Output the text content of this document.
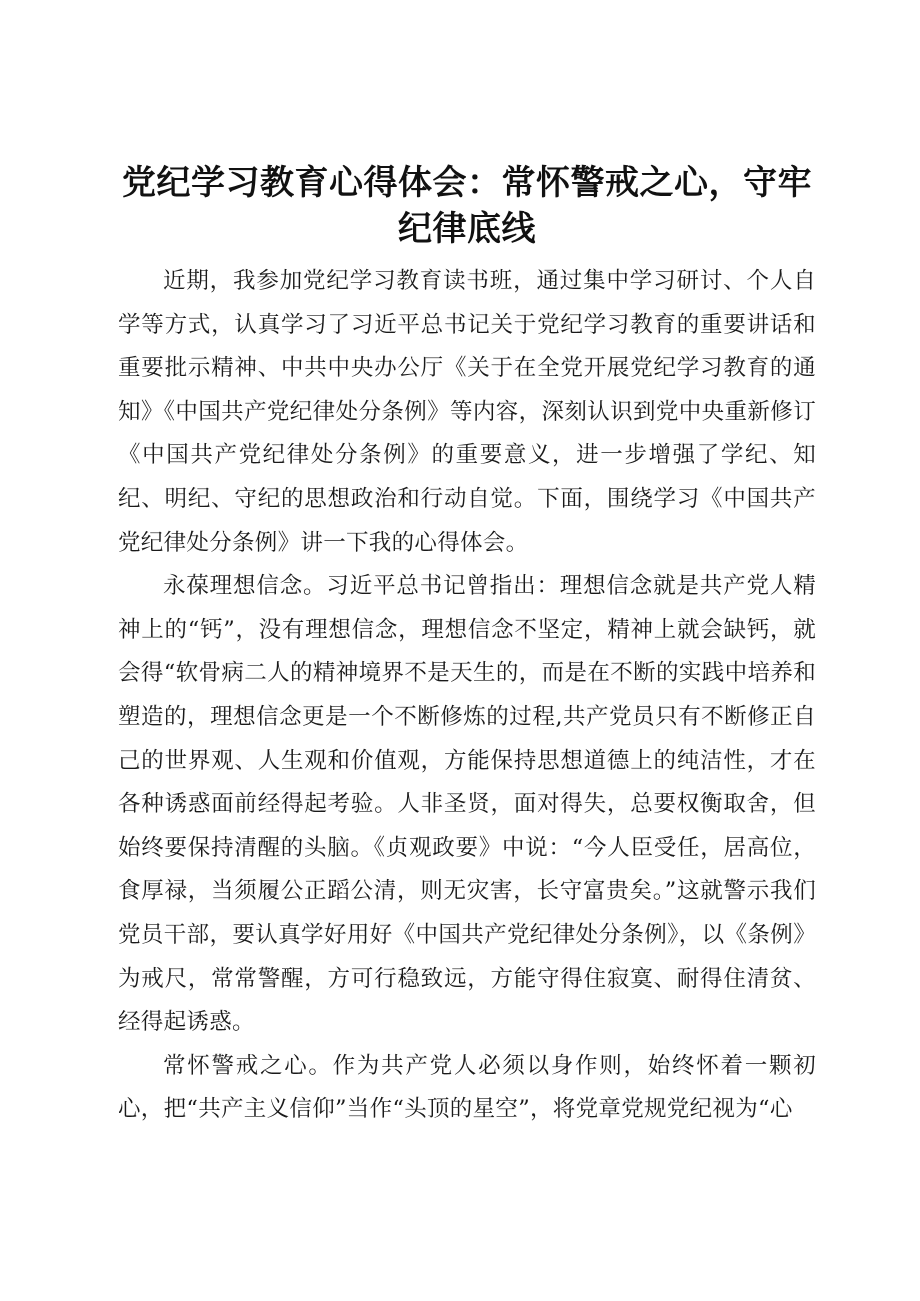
党纪学习教育心得体会：常怀警戒之心，守牢纪律底线

近期，我参加党纪学习教育读书班，通过集中学习研讨、个人自学等方式，认真学习了习近平总书记关于党纪学习教育的重要讲话和重要批示精神、中共中央办公厅《关于在全党开展党纪学习教育的通知》《中国共产党纪律处分条例》等内容，深刻认识到党中央重新修订《中国共产党纪律处分条例》的重要意义，进一步增强了学纪、知纪、明纪、守纪的思想政治和行动自觉。下面，围绕学习《中国共产党纪律处分条例》讲一下我的心得体会。

永葆理想信念。习近平总书记曾指出：理想信念就是共产党人精神上的“钙”，没有理想信念，理想信念不坚定，精神上就会缺钙，就会得“软骨病二人的精神境界不是天生的，而是在不断的实践中培养和塑造的，理想信念更是一个不断修炼的过程,共产党员只有不断修正自己的世界观、人生观和价值观，方能保持思想道德上的纯洁性，才在各种诱惑面前经得起考验。人非圣贤，面对得失，总要权衡取舍，但始终要保持清醒的头脑。《贞观政要》中说：“今人臣受任，居高位，食厚禄，当须履公正蹈公清，则无灾害，长守富贵矣。”这就警示我们党员干部，要认真学好用好《中国共产党纪律处分条例》，以《条例》为戒尺，常常警醒，方可行稳致远，方能守得住寂寞、耐得住清贫、经得起诱惑。

常怀警戒之心。作为共产党人必须以身作则，始终怀着一颗初心，把“共产主义信仰”当作“头顶的星空”，将党章党规党纪视为“心
